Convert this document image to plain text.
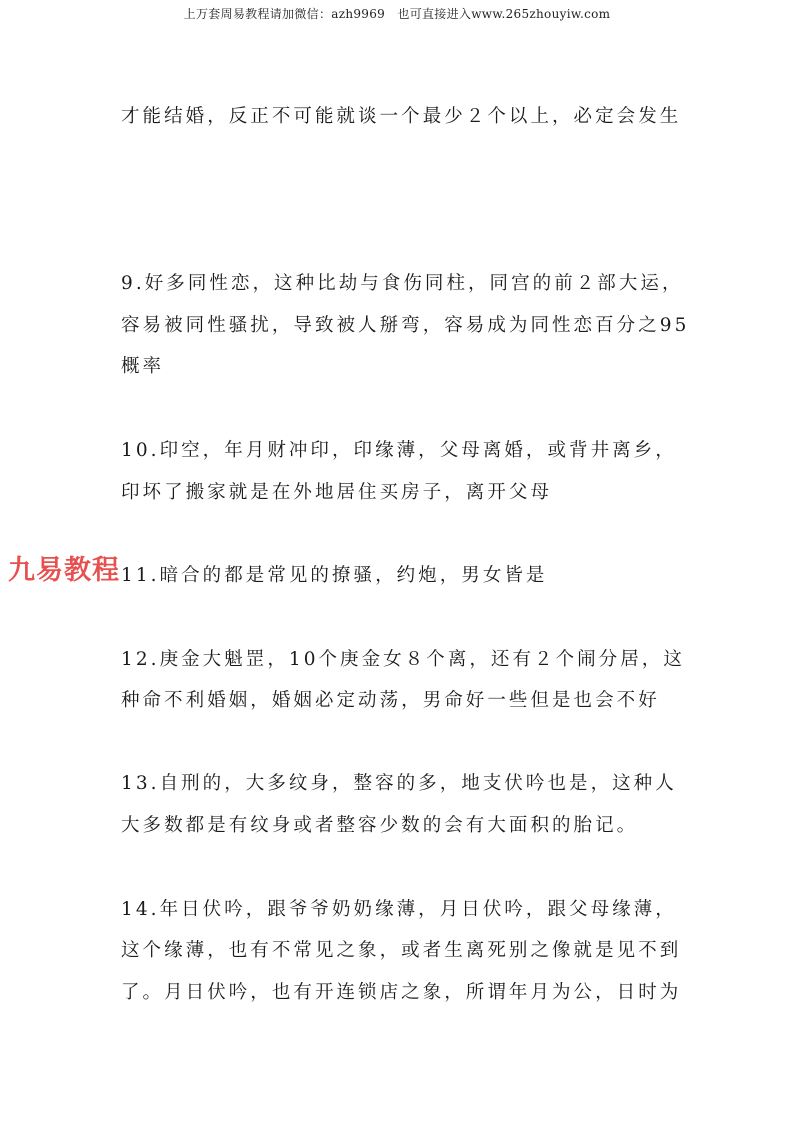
上万套周易教程请加微信：azh9969　也可直接进入www.265zhouyiw.com
九易教程
才能结婚，反正不可能就谈一个最少２个以上，必定会发生
9.好多同性恋，这种比劫与食伤同柱，同宫的前２部大运，
容易被同性骚扰，导致被人掰弯，容易成为同性恋百分之95
概率
10.印空，年月财冲印，印缘薄，父母离婚，或背井离乡，
印坏了搬家就是在外地居住买房子，离开父母
11.暗合的都是常见的撩骚，约炮，男女皆是
12.庚金大魁罡，10个庚金女８个离，还有２个闹分居，这
种命不利婚姻，婚姻必定动荡，男命好一些但是也会不好
13.自刑的，大多纹身，整容的多，地支伏吟也是，这种人
大多数都是有纹身或者整容少数的会有大面积的胎记。
14.年日伏吟，跟爷爷奶奶缘薄，月日伏吟，跟父母缘薄，
这个缘薄，也有不常见之象，或者生离死别之像就是见不到
了。月日伏吟，也有开连锁店之象，所谓年月为公，日时为
